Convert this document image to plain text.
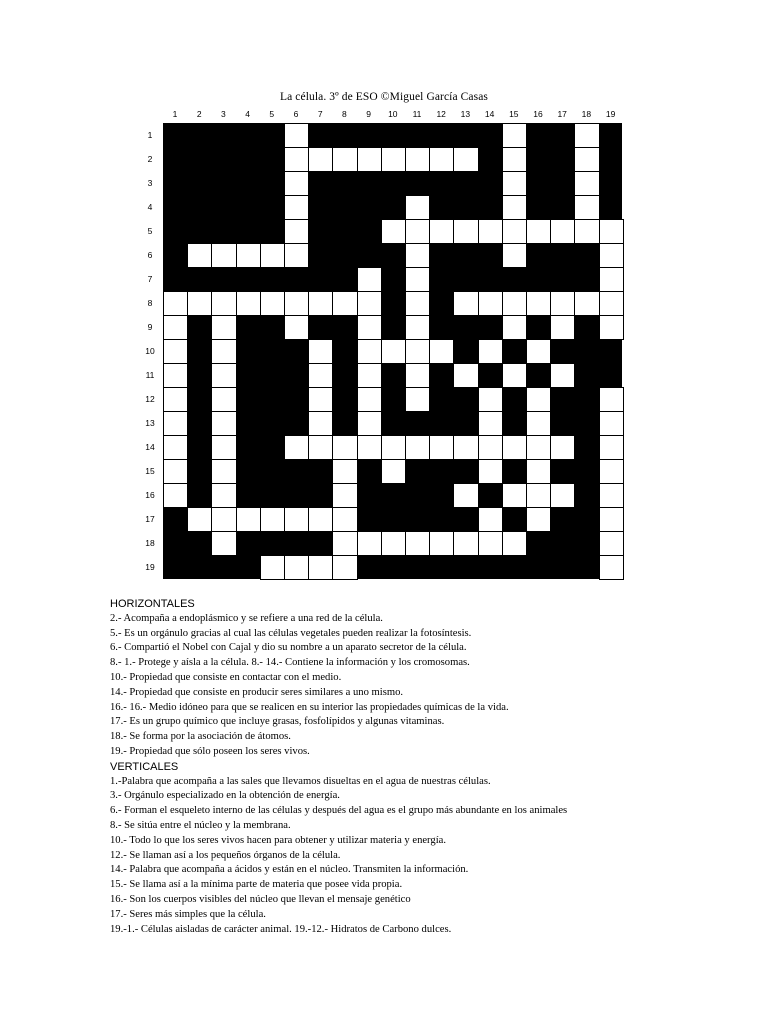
La célula. 3º de ESO ©Miguel García Casas
1	2	3	4	5	6	7	8	9	10	11	12	13	14	15	16	17	18	19
1
2
3
4
5
6
7
8
9
10
11
12
13
14
15
16
17
18
19
HORIZONTALES
2.- Acompaña a endoplásmico y se refiere a una red de la célula.
5.- Es un orgánulo gracias al cual las células vegetales pueden realizar la fotosíntesis.
6.- Compartió el Nobel con Cajal y dio su nombre a un aparato secretor de la célula.
8.- 1.- Protege y aísla a la célula. 8.- 14.- Contiene la información y los cromosomas.
10.- Propiedad que consiste en contactar con el medio.
14.- Propiedad que consiste en producir seres similares a uno mismo.
16.- 16.- Medio idóneo para que se realicen en su interior las propiedades químicas de la vida.
17.- Es un grupo químico que incluye grasas, fosfolípidos y algunas vitaminas.
18.- Se forma por la asociación de átomos.
19.- Propiedad que sólo poseen los seres vivos.
VERTICALES
1.-Palabra que acompaña a las sales que llevamos disueltas en el agua de nuestras células.
3.- Orgánulo especializado en la obtención de energía.
6.- Forman el esqueleto interno de las células y después del agua es el grupo más abundante en los animales
8.- Se sitúa entre el núcleo y la membrana.
10.- Todo lo que los seres vivos hacen para obtener y utilizar materia y energía.
12.- Se llaman así a los pequeños órganos de la célula.
14.- Palabra que acompaña a ácidos y están en el núcleo. Transmiten la información.
15.- Se llama así a la mínima parte de materia que posee vida propia.
16.- Son los cuerpos visibles del núcleo que llevan el mensaje genético
17.- Seres más simples que la célula.
19.-1.- Células aisladas de carácter animal. 19.-12.- Hidratos de Carbono dulces.
